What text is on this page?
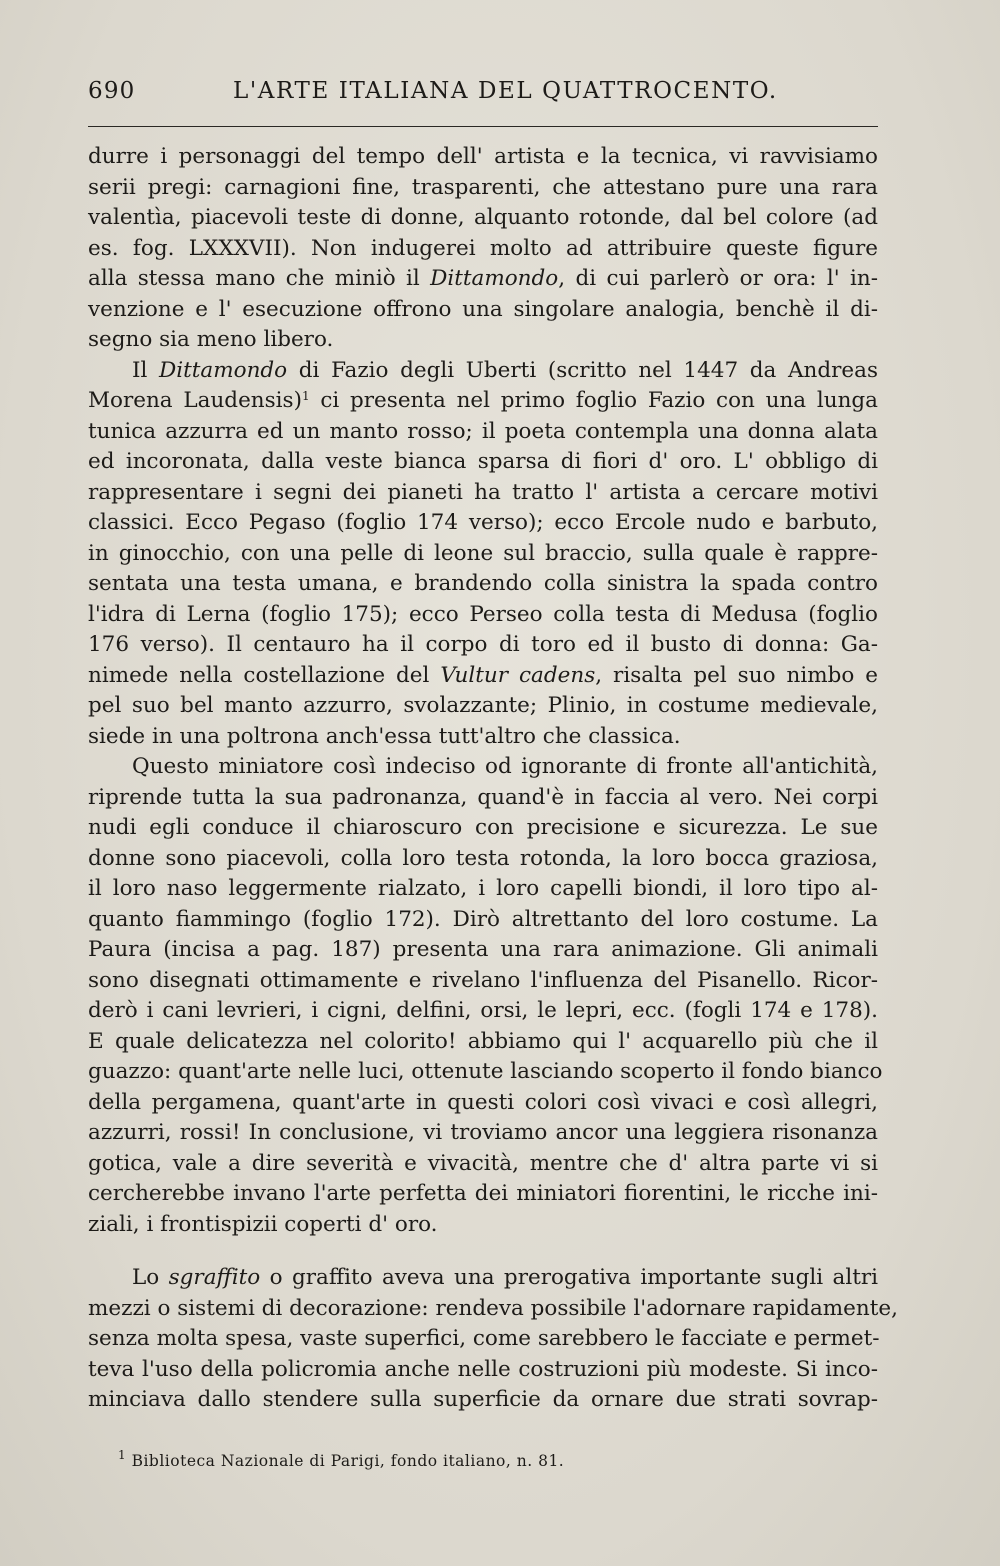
690	L'ARTE ITALIANA DEL QUATTROCENTO.
durre i personaggi del tempo dell' artista e la tecnica, vi ravvisiamo
serii pregi: carnagioni fine, trasparenti, che attestano pure una rara
valentìa, piacevoli teste di donne, alquanto rotonde, dal bel colore (ad
es. fog. LXXXVII). Non indugerei molto ad attribuire queste figure
alla stessa mano che miniò il Dittamondo, di cui parlerò or ora: l' in-
venzione e l' esecuzione offrono una singolare analogia, benchè il di-
segno sia meno libero.
Il Dittamondo di Fazio degli Uberti (scritto nel 1447 da Andreas
Morena Laudensis)$^1$ ci presenta nel primo foglio Fazio con una lunga
tunica azzurra ed un manto rosso; il poeta contempla una donna alata
ed incoronata, dalla veste bianca sparsa di fiori d' oro. L' obbligo di
rappresentare i segni dei pianeti ha tratto l' artista a cercare motivi
classici. Ecco Pegaso (foglio 174 verso); ecco Ercole nudo e barbuto,
in ginocchio, con una pelle di leone sul braccio, sulla quale è rappre-
sentata una testa umana, e brandendo colla sinistra la spada contro
l'idra di Lerna (foglio 175); ecco Perseo colla testa di Medusa (foglio
176 verso). Il centauro ha il corpo di toro ed il busto di donna: Ga-
nimede nella costellazione del Vultur cadens, risalta pel suo nimbo e
pel suo bel manto azzurro, svolazzante; Plinio, in costume medievale,
siede in una poltrona anch'essa tutt'altro che classica.
Questo miniatore così indeciso od ignorante di fronte all'antichità,
riprende tutta la sua padronanza, quand'è in faccia al vero. Nei corpi
nudi egli conduce il chiaroscuro con precisione e sicurezza. Le sue
donne sono piacevoli, colla loro testa rotonda, la loro bocca graziosa,
il loro naso leggermente rialzato, i loro capelli biondi, il loro tipo al-
quanto fiammingo (foglio 172). Dirò altrettanto del loro costume. La
Paura (incisa a pag. 187) presenta una rara animazione. Gli animali
sono disegnati ottimamente e rivelano l'influenza del Pisanello. Ricor-
derò i cani levrieri, i cigni, delfini, orsi, le lepri, ecc. (fogli 174 e 178).
E quale delicatezza nel colorito! abbiamo qui l' acquarello più che il
guazzo: quant'arte nelle luci, ottenute lasciando scoperto il fondo bianco
della pergamena, quant'arte in questi colori così vivaci e così allegri,
azzurri, rossi! In conclusione, vi troviamo ancor una leggiera risonanza
gotica, vale a dire severità e vivacità, mentre che d' altra parte vi si
cercherebbe invano l'arte perfetta dei miniatori fiorentini, le ricche ini-
ziali, i frontispizii coperti d' oro.
Lo sgraffito o graffito aveva una prerogativa importante sugli altri
mezzi o sistemi di decorazione: rendeva possibile l'adornare rapidamente,
senza molta spesa, vaste superfici, come sarebbero le facciate e permet-
teva l'uso della policromia anche nelle costruzioni più modeste. Si inco-
minciava dallo stendere sulla superficie da ornare due strati sovrap-
$^1$ Biblioteca Nazionale di Parigi, fondo italiano, n. 81.
